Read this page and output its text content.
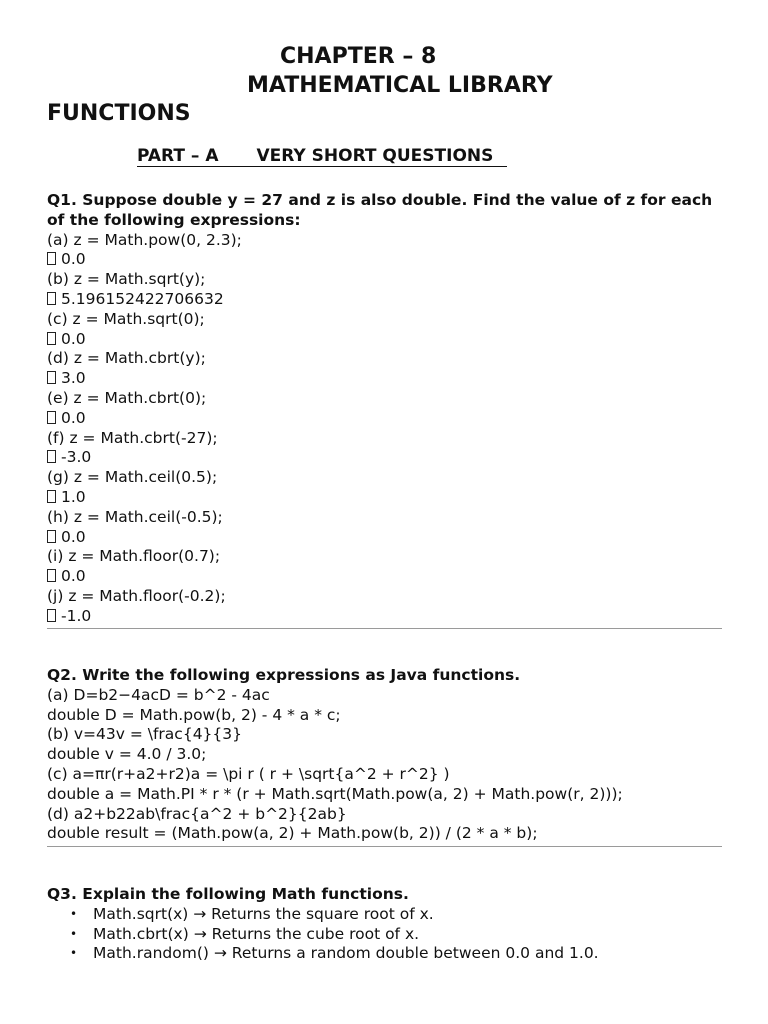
CHAPTER – 8

MATHEMATICAL LIBRARY

FUNCTIONS

PART – A VERY SHORT QUESTIONS

Q1. Suppose double y = 27 and z is also double. Find the value of z for each of the following expressions:

(a) z = Math.pow(0, 2.3);

0.0

(b) z = Math.sqrt(y);

5.196152422706632

(c) z = Math.sqrt(0);

0.0

(d) z = Math.cbrt(y);

3.0

(e) z = Math.cbrt(0);

0.0

(f) z = Math.cbrt(-27);

-3.0

(g) z = Math.ceil(0.5);

1.0

(h) z = Math.ceil(-0.5);

0.0

(i) z = Math.floor(0.7);

0.0

(j) z = Math.floor(-0.2);

-1.0

Q2. Write the following expressions as Java functions.

(a) D=b2−4acD = b^2 - 4ac

double D = Math.pow(b, 2) - 4 * a * c;

(b) v=43v = \frac{4}{3}

double v = 4.0 / 3.0;

(c) a=πr(r+a2+r2)a = \pi r ( r + \sqrt{a^2 + r^2} )

double a = Math.PI * r * (r + Math.sqrt(Math.pow(a, 2) + Math.pow(r, 2)));

(d) a2+b22ab\frac{a^2 + b^2}{2ab}

double result = (Math.pow(a, 2) + Math.pow(b, 2)) / (2 * a * b);

Q3. Explain the following Math functions.

• Math.sqrt(x) → Returns the square root of x.
• Math.cbrt(x) → Returns the cube root of x.
• Math.random() → Returns a random double between 0.0 and 1.0.
